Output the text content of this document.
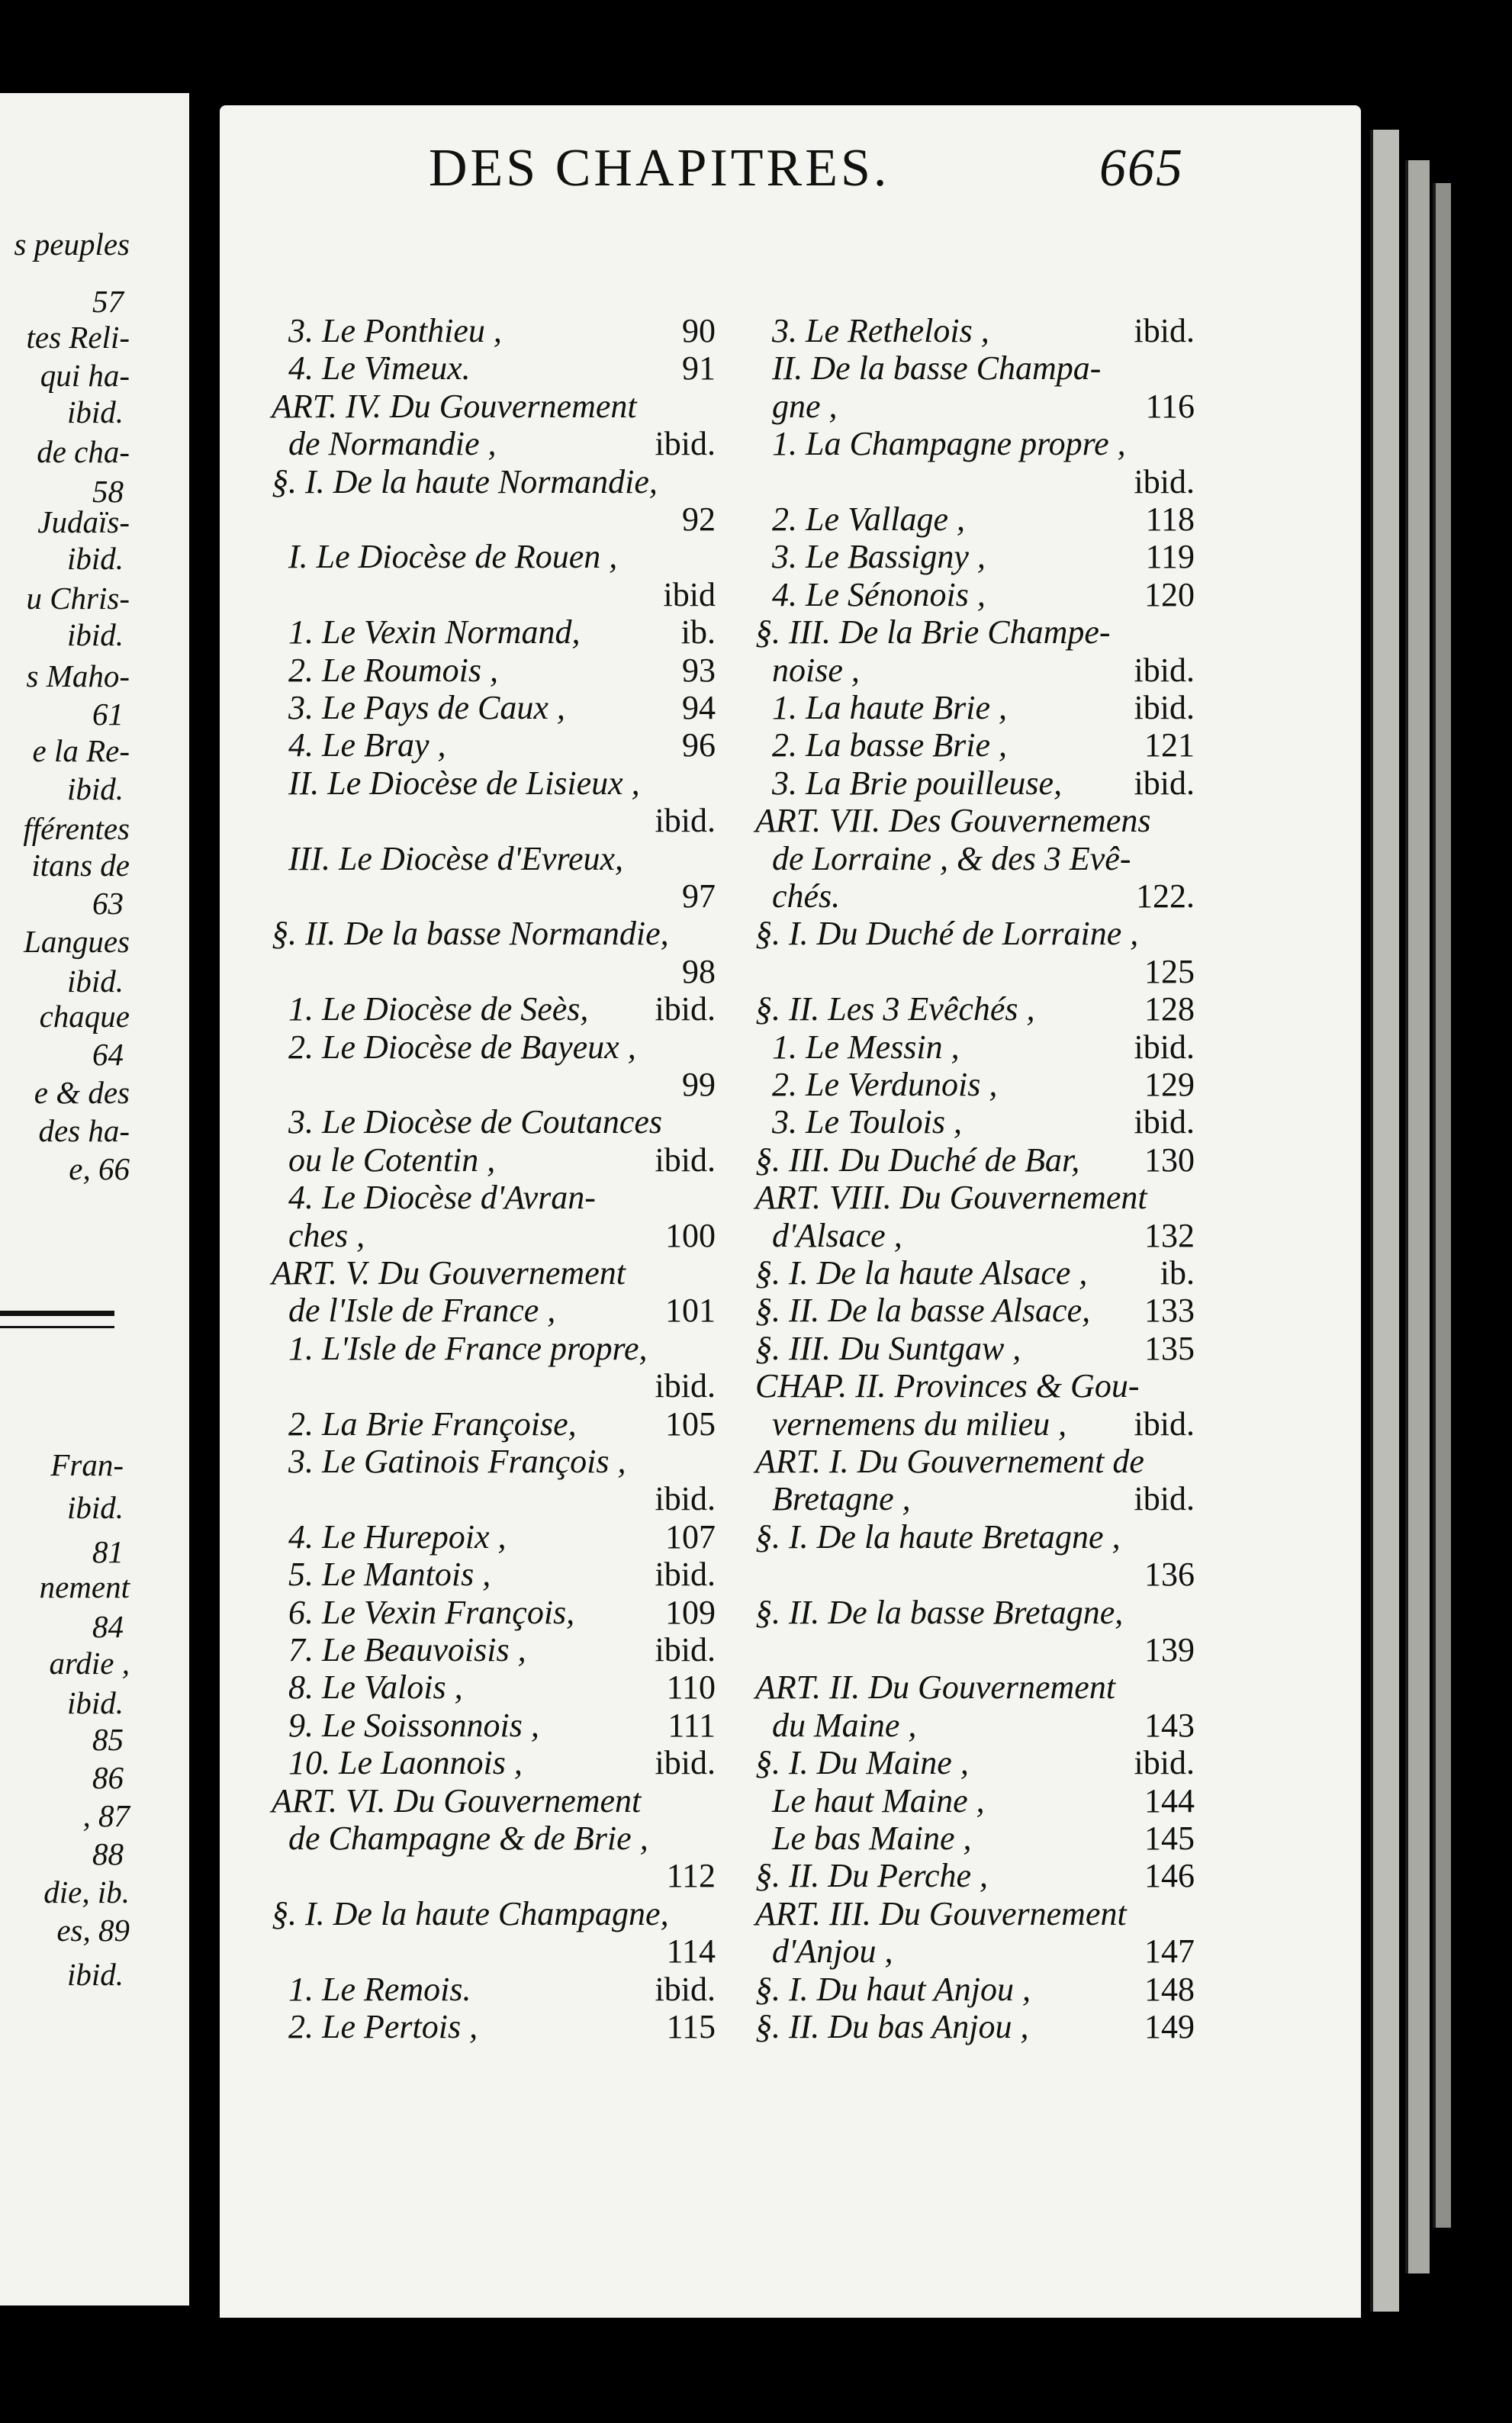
s peuples
57
tes Reli-
qui ha-
ibid.
de cha-
58
Judaïs-
ibid.
u Chris-
ibid.
s Maho-
61
e la Re-
ibid.
fférentes
itans de
63
Langues
ibid.
chaque
64
e & des
des ha-
e, 66
Fran-
ibid.
81
nement
84
ardie ,
ibid.
85
86
, 87
88
die, ib.
es, 89
ibid.
DES CHAPITRES.	665
3. Le Ponthieu ,	90
4. Le Vimeux.	91
ART. IV. Du Gouvernement
de Normandie ,	ibid.
§. I. De la haute Normandie,
92
I. Le Diocèse de Rouen ,
ibid
1. Le Vexin Normand,	ib.
2. Le Roumois ,	93
3. Le Pays de Caux ,	94
4. Le Bray ,	96
II. Le Diocèse de Lisieux ,
ibid.
III. Le Diocèse d'Evreux,
97
§. II. De la basse Normandie,
98
1. Le Diocèse de Seès, ibid.
2. Le Diocèse de Bayeux ,
99
3. Le Diocèse de Coutances
ou le Cotentin ,	ibid.
4. Le Diocèse d'Avran-
ches ,	100
ART. V. Du Gouvernement
de l'Isle de France ,	101
1. L'Isle de France propre,
ibid.
2. La Brie Françoise,	105
3. Le Gatinois François ,
ibid.
4. Le Hurepoix ,	107
5. Le Mantois ,	ibid.
6. Le Vexin François,	109
7. Le Beauvoisis ,	ibid.
8. Le Valois ,	110
9. Le Soissonnois ,	111
10. Le Laonnois ,	ibid.
ART. VI. Du Gouvernement
de Champagne & de Brie ,
112
§. I. De la haute Champagne,
114
1. Le Remois.	ibid.
2. Le Pertois ,	115
3. Le Rethelois ,	ibid.
II. De la basse Champa-
gne ,	116
1. La Champagne propre ,
ibid.
2. Le Vallage ,	118
3. Le Bassigny ,	119
4. Le Sénonois ,	120
§. III. De la Brie Champe-
noise ,	ibid.
1. La haute Brie ,	ibid.
2. La basse Brie ,	121
3. La Brie pouilleuse, ibid.
ART. VII. Des Gouvernemens
de Lorraine , & des 3 Evê-
chés.	122.
§. I. Du Duché de Lorraine ,
125
§. II. Les 3 Evêchés ,	128
1. Le Messin ,	ibid.
2. Le Verdunois ,	129
3. Le Toulois ,	ibid.
§. III. Du Duché de Bar, 130
ART. VIII. Du Gouvernement
d'Alsace ,	132
§. I. De la haute Alsace , ib.
§. II. De la basse Alsace, 133
§. III. Du Suntgaw ,	135
CHAP. II. Provinces & Gou-
vernemens du milieu , ibid.
ART. I. Du Gouvernement de
Bretagne ,	ibid.
§. I. De la haute Bretagne ,
136
§. II. De la basse Bretagne,
139
ART. II. Du Gouvernement
du Maine ,	143
§. I. Du Maine ,	ibid.
Le haut Maine ,	144
Le bas Maine ,	145
§. II. Du Perche ,	146
ART. III. Du Gouvernement
d'Anjou ,	147
§. I. Du haut Anjou ,	148
§. II. Du bas Anjou ,	149
